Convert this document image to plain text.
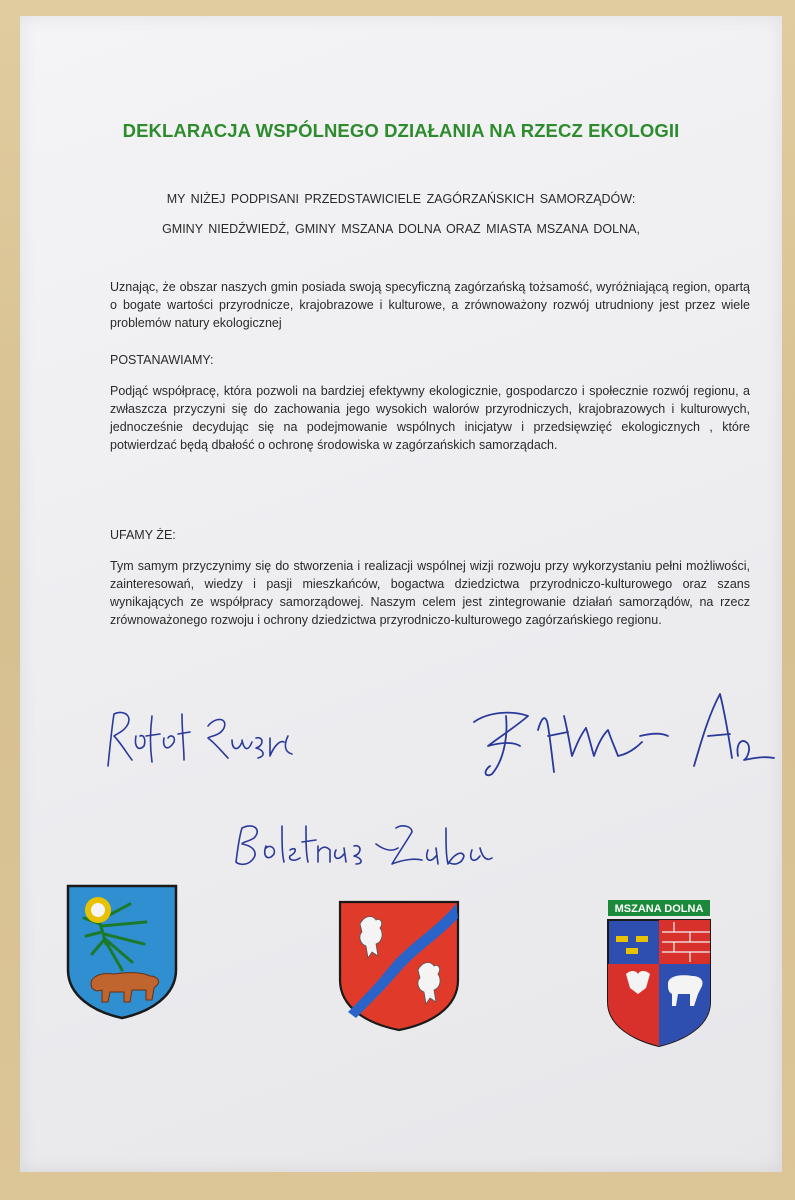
DEKLARACJA WSPÓLNEGO DZIAŁANIA NA RZECZ EKOLOGII

MY NIŻEJ PODPISANI PRZEDSTAWICIELE ZAGÓRZAŃSKICH SAMORZĄDÓW:

GMINY NIEDŹWIEDŹ, GMINY MSZANA DOLNA ORAZ MIASTA MSZANA DOLNA,

Uznając, że obszar naszych gmin posiada swoją specyficzną zagórzańską tożsamość, wyróżniającą region, opartą o bogate wartości przyrodnicze, krajobrazowe i kulturowe, a zrównoważony rozwój utrudniony jest przez wiele problemów natury ekologicznej

POSTANAWIAMY:

Podjąć współpracę, która pozwoli na bardziej efektywny ekologicznie, gospodarczo i społecznie rozwój regionu, a zwłaszcza przyczyni się do zachowania jego wysokich walorów przyrodniczych, krajobrazowych i kulturowych, jednocześnie decydując się na podejmowanie wspólnych inicjatyw i przedsięwzięć ekologicznych , które potwierdzać będą dbałość o ochronę środowiska w zagórzańskich samorządach.

UFAMY ŻE:

Tym samym przyczynimy się do stworzenia i realizacji wspólnej wizji rozwoju przy wykorzystaniu pełni możliwości, zainteresowań, wiedzy i pasji mieszkańców, bogactwa dziedzictwa przyrodniczo-kulturowego oraz szans wynikających ze współpracy samorządowej. Naszym celem jest zintegrowanie działań samorządów, na rzecz zrównoważonego rozwoju i ochrony dziedzictwa przyrodniczo-kulturowego zagórzańskiego regionu.

MSZANA DOLNA
